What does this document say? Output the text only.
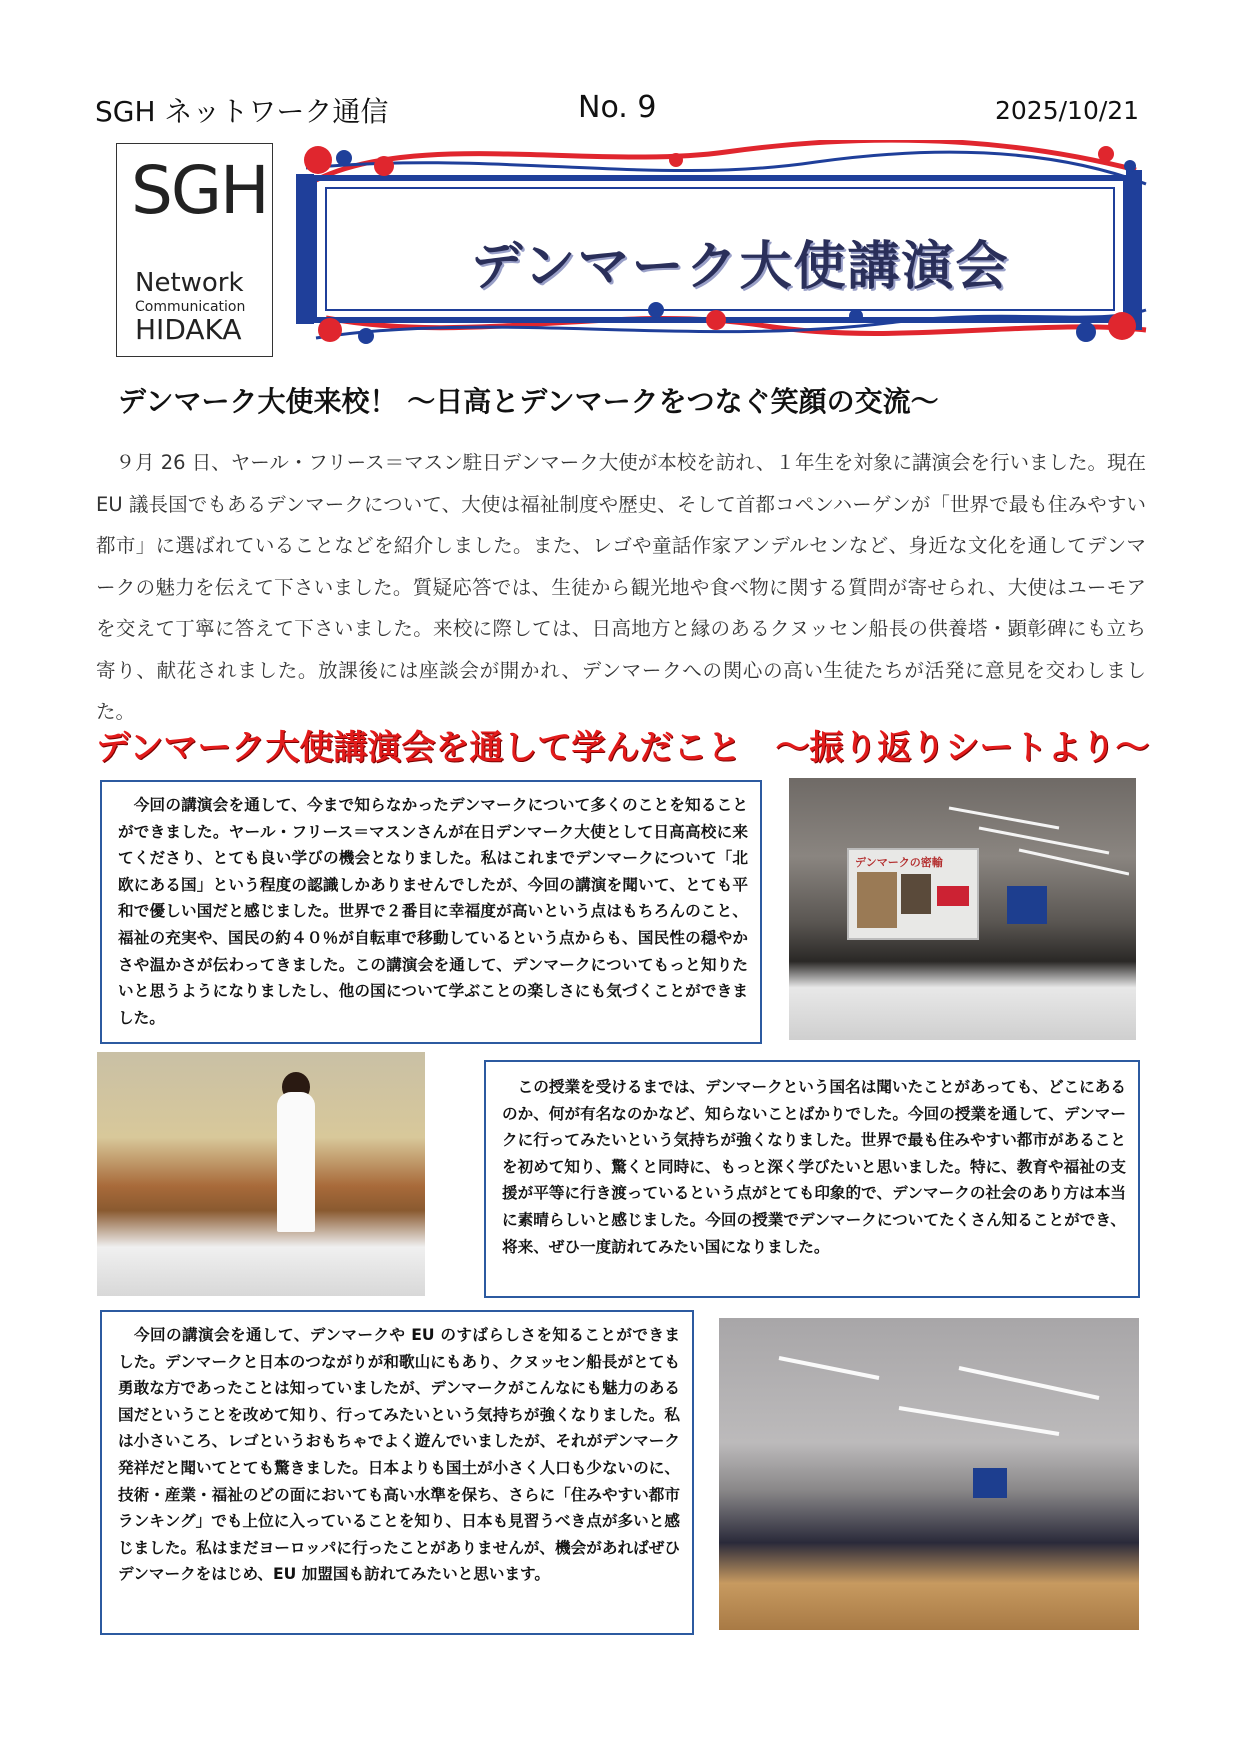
SGH ネットワーク通信	No. 9	2025/10/21
SGH
Network
Communication
HIDAKA
デンマーク大使講演会
デンマーク大使来校！ ～日高とデンマークをつなぐ笑顔の交流～
　９月 26 日、ヤール・フリース＝マスン駐日デンマーク大使が本校を訪れ、１年生を対象に講演会を行いました。現在 EU 議長国でもあるデンマークについて、大使は福祉制度や歴史、そして首都コペンハーゲンが「世界で最も住みやすい都市」に選ばれていることなどを紹介しました。また、レゴや童話作家アンデルセンなど、身近な文化を通してデンマークの魅力を伝えて下さいました。質疑応答では、生徒から観光地や食べ物に関する質問が寄せられ、大使はユーモアを交えて丁寧に答えて下さいました。来校に際しては、日高地方と縁のあるクヌッセン船長の供養塔・顕彰碑にも立ち寄り、献花されました。放課後には座談会が開かれ、デンマークへの関心の高い生徒たちが活発に意見を交わしました。
デンマーク大使講演会を通して学んだこと　～振り返りシートより～
　今回の講演会を通して、今まで知らなかったデンマークについて多くのことを知ることができました。ヤール・フリース＝マスンさんが在日デンマーク大使として日高高校に来てくださり、とても良い学びの機会となりました。私はこれまでデンマークについて「北欧にある国」という程度の認識しかありませんでしたが、今回の講演を聞いて、とても平和で優しい国だと感じました。世界で２番目に幸福度が高いという点はもちろんのこと、福祉の充実や、国民の約４０％が自転車で移動しているという点からも、国民性の穏やかさや温かさが伝わってきました。この講演会を通して、デンマークについてもっと知りたいと思うようになりましたし、他の国について学ぶことの楽しさにも気づくことができました。
　この授業を受けるまでは、デンマークという国名は聞いたことがあっても、どこにあるのか、何が有名なのかなど、知らないことばかりでした。今回の授業を通して、デンマークに行ってみたいという気持ちが強くなりました。世界で最も住みやすい都市があることを初めて知り、驚くと同時に、もっと深く学びたいと思いました。特に、教育や福祉の支援が平等に行き渡っているという点がとても印象的で、デンマークの社会のあり方は本当に素晴らしいと感じました。今回の授業でデンマークについてたくさん知ることができ、将来、ぜひ一度訪れてみたい国になりました。
　今回の講演会を通して、デンマークや EU のすばらしさを知ることができました。デンマークと日本のつながりが和歌山にもあり、クヌッセン船長がとても勇敢な方であったことは知っていましたが、デンマークがこんなにも魅力のある国だということを改めて知り、行ってみたいという気持ちが強くなりました。私は小さいころ、レゴというおもちゃでよく遊んでいましたが、それがデンマーク発祥だと聞いてとても驚きました。日本よりも国土が小さく人口も少ないのに、技術・産業・福祉のどの面においても高い水準を保ち、さらに「住みやすい都市ランキング」でも上位に入っていることを知り、日本も見習うべき点が多いと感じました。私はまだヨーロッパに行ったことがありませんが、機会があればぜひデンマークをはじめ、EU 加盟国も訪れてみたいと思います。
デンマークの密輸
